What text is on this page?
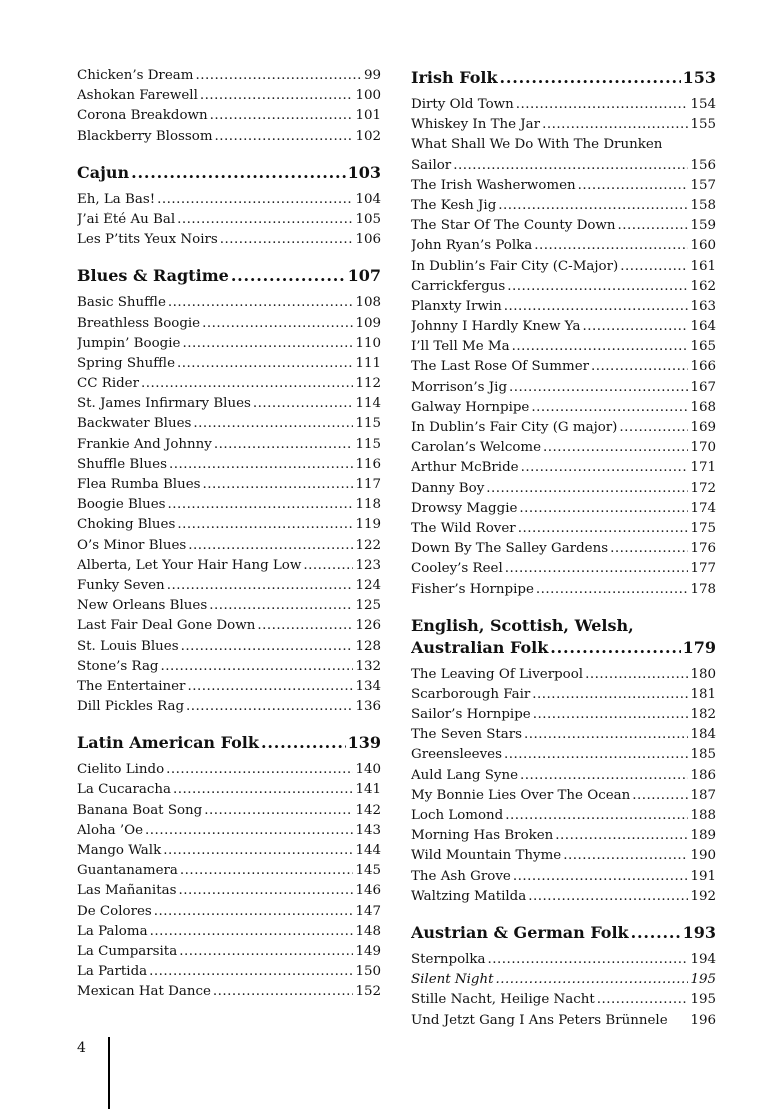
Chicken’s Dream .....	99
Ashokan Farewell .....	100
Corona Breakdown .....	101
Blackberry Blossom .....	102
Cajun .....	103
Eh, La Bas! .....	104
J’ai Été Au Bal .....	105
Les P’tits Yeux Noirs .....	106
Blues & Ragtime .....	107
Basic Shuffle .....	108
Breathless Boogie .....	109
Jumpin’ Boogie .....	110
Spring Shuffle .....	111
CC Rider .....	112
St. James Infirmary Blues .....	114
Backwater Blues .....	115
Frankie And Johnny .....	115
Shuffle Blues .....	116
Flea Rumba Blues .....	117
Boogie Blues .....	118
Choking Blues .....	119
O’s Minor Blues .....	122
Alberta, Let Your Hair Hang Low .....	123
Funky Seven .....	124
New Orleans Blues .....	125
Last Fair Deal Gone Down .....	126
St. Louis Blues .....	128
Stone’s Rag .....	132
The Entertainer .....	134
Dill Pickles Rag .....	136
Latin American Folk .....	139
Cielito Lindo .....	140
La Cucaracha .....	141
Banana Boat Song .....	142
Aloha ’Oe .....	143
Mango Walk .....	144
Guantanamera .....	145
Las Mañanitas .....	146
De Colores .....	147
La Paloma .....	148
La Cumparsita .....	149
La Partida .....	150
Mexican Hat Dance .....	152
Irish Folk .....	153
Dirty Old Town .....	154
Whiskey In The Jar .....	155
What Shall We Do With The Drunken
Sailor .....	156
The Irish Washerwomen .....	157
The Kesh Jig .....	158
The Star Of The County Down .....	159
John Ryan’s Polka .....	160
In Dublin’s Fair City (C-Major) .....	161
Carrickfergus .....	162
Planxty Irwin .....	163
Johnny I Hardly Knew Ya .....	164
I’ll Tell Me Ma .....	165
The Last Rose Of Summer .....	166
Morrison’s Jig .....	167
Galway Hornpipe .....	168
In Dublin’s Fair City (G major) .....	169
Carolan’s Welcome .....	170
Arthur McBride .....	171
Danny Boy .....	172
Drowsy Maggie .....	174
The Wild Rover .....	175
Down By The Salley Gardens .....	176
Cooley’s Reel .....	177
Fisher’s Hornpipe .....	178
English, Scottish, Welsh,
Australian Folk .....	179
The Leaving Of Liverpool .....	180
Scarborough Fair .....	181
Sailor’s Hornpipe .....	182
The Seven Stars .....	184
Greensleeves .....	185
Auld Lang Syne .....	186
My Bonnie Lies Over The Ocean .....	187
Loch Lomond .....	188
Morning Has Broken .....	189
Wild Mountain Thyme .....	190
The Ash Grove .....	191
Waltzing Matilda .....	192
Austrian & German Folk .....	193
Sternpolka .....	194
Silent Night .....	195
Stille Nacht, Heilige Nacht .....	195
Und Jetzt Gang I Ans Peters Brünnele 196
4
